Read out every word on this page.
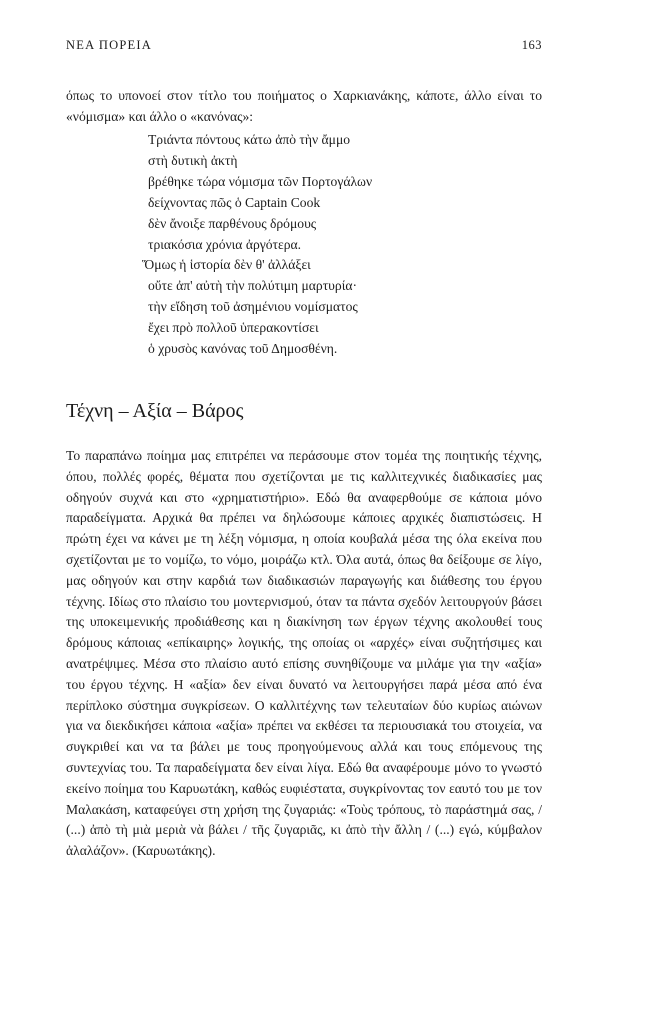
ΝΕΑ ΠΟΡΕΙΑ	163

όπως το υπονοεί στον τίτλο του ποιήματος ο Χαρκιανάκης, κάποτε, άλλο είναι το «νόμισμα» και άλλο ο «κανόνας»:

Τριάντα πόντους κάτω ἀπὸ τὴν ἄμμο
στὴ δυτικὴ ἀκτὴ
βρέθηκε τώρα νόμισμα τῶν Πορτογάλων
δείχνοντας πῶς ὁ Captain Cook
δὲν ἄνοιξε παρθένους δρόμους
τριακόσια χρόνια ἀργότερα.
Ὅμως ἡ ἱστορία δὲν θ' ἀλλάξει
οὔτε ἀπ' αὐτὴ τὴν πολύτιμη μαρτυρία·
τὴν εἴδηση τοῦ ἀσημένιου νομίσματος
ἔχει πρὸ πολλοῦ ὑπερακοντίσει
ὁ χρυσὸς κανόνας τοῦ Δημοσθένη.
Τέχνη – Αξία – Βάρος

Το παραπάνω ποίημα μας επιτρέπει να περάσουμε στον τομέα της ποιητικής τέχνης, όπου, πολλές φορές, θέματα που σχετίζονται με τις καλλιτεχνικές διαδικασίες μας οδηγούν συχνά και στο «χρηματιστήριο». Εδώ θα αναφερθούμε σε κάποια μόνο παραδείγματα. Αρχικά θα πρέπει να δηλώσουμε κάποιες αρχικές διαπιστώσεις. Η πρώτη έχει να κάνει με τη λέξη νόμισμα, η οποία κουβαλά μέσα της όλα εκείνα που σχετίζονται με το νομίζω, το νόμο, μοιράζω κτλ. Όλα αυτά, όπως θα δείξουμε σε λίγο, μας οδηγούν και στην καρδιά των διαδικασιών παραγωγής και διάθεσης του έργου τέχνης. Ιδίως στο πλαίσιο του μοντερνισμού, όταν τα πάντα σχεδόν λειτουργούν βάσει της υποκειμενικής προδιάθεσης και η διακίνηση των έργων τέχνης ακολουθεί τους δρόμους κάποιας «επίκαιρης» λογικής, της οποίας οι «αρχές» είναι συζητήσιμες και ανατρέψιμες. Μέσα στο πλαίσιο αυτό επίσης συνηθίζουμε να μιλάμε για την «αξία» του έργου τέχνης. Η «αξία» δεν είναι δυνατό να λειτουργήσει παρά μέσα από ένα περίπλοκο σύστημα συγκρίσεων. Ο καλλιτέχνης των τελευταίων δύο κυρίως αιώνων για να διεκδικήσει κάποια «αξία» πρέπει να εκθέσει τα περιουσιακά του στοιχεία, να συγκριθεί και να τα βάλει με τους προηγούμενους αλλά και τους επόμενους της συντεχνίας του. Τα παραδείγματα δεν είναι λίγα. Εδώ θα αναφέρουμε μόνο το γνωστό εκείνο ποίημα του Καρυωτάκη, καθώς ευφιέστατα, συγκρίνοντας τον εαυτό του με τον Μαλακάση, καταφεύγει στη χρήση της ζυγαριάς: «Τοὺς τρόπους, τὸ παράστημά σας, / (...) ἀπὸ τὴ μιὰ μεριὰ νὰ βάλει / τῆς ζυγαριᾶς, κι ἀπὸ τὴν ἄλλη / (...) εγώ, κύμβαλον ἀλαλάζον». (Καρυωτάκης).
